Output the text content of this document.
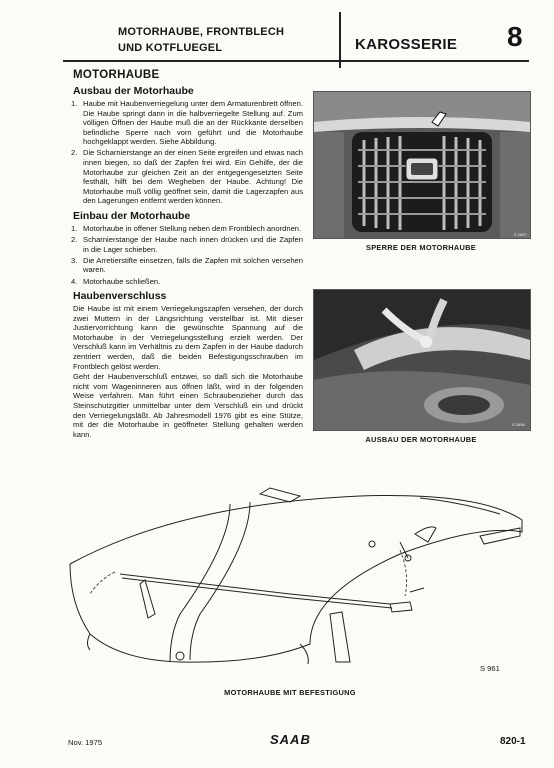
MOTORHAUBE, FRONTBLECH
UND KOTFLUEGEL	KAROSSERIE 8
MOTORHAUBE
Ausbau der Motorhaube
1. Haube mit Haubenverriegelung unter dem Armaturenbrett öffnen. Die Haube springt dann in die halbverriegelte Stellung auf. Zum völligen Öffnen der Haube muß die an der Rückkante derselben befindliche Sperre nach vorn geführt und die Motorhaube hochgeklappt werden. Siehe Abbildung.
2. Die Scharnierstange an der einen Seite ergreifen und etwas nach innen biegen, so daß der Zapfen frei wird. Ein Gehilfe, der die Motorhaube zur gleichen Zeit an der entgegengesetzten Seite festhält, hilft bei dem Wegheben der Haube. Achtung! Die Motorhaube muß völlig geöffnet sein, damit die Lagerzapfen aus den Lagerungen entfernt werden können.
Einbau der Motorhaube
1. Motorhaube in offener Stellung neben dem Frontblech anordnen.
2. Scharnierstange der Haube nach innen drücken und die Zapfen in die Lager schieben.
3. Die Arretierstifte einsetzen, falls die Zapfen mit solchen versehen waren.
4. Motorhaube schließen.
Haubenverschluss

Die Haube ist mit einem Verriegelungszapfen versehen, der durch zwei Muttern in der Längsrichtung verstellbar ist. Mit dieser Justiervorrichtung kann die gewünschte Spannung auf die Motorhaube in der Verriegelungsstellung erzielt werden. Der Verschluß kann im Verhältnis zu dem Zapfen in der Haube dadurch zentriert werden, daß die beiden Befestigungsschrauben im Frontblech gelöst werden.

Geht der Haubenverschluß entzwei, so daß sich die Motorhaube nicht vom Wageninneren aus öffnen läßt, wird in der folgenden Weise verfahren. Man führt einen Schraubenzieher durch das Steinschutzgitter unmittelbar unter dem Verschluß ein und drückt den Verriegelungsläßt. Ab Jahresmodell 1976 gibt es eine Stütze, mit der die Motorhaube in geöffneter Stellung gehalten werden kann.

S 2657
SPERRE DER MOTORHAUBE
S 2658
AUSBAU DER MOTORHAUBE
S 961
MOTORHAUBE MIT BEFESTIGUNG
Nov. 1975	SAAB	820-1
